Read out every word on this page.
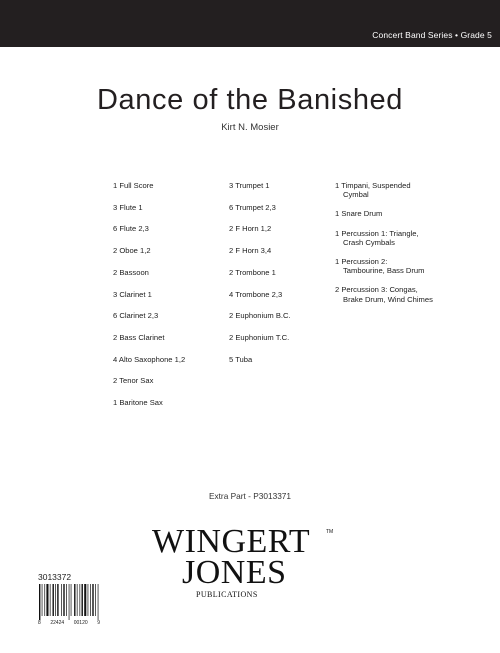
Concert Band Series • Grade 5
Dance of the Banished
Kirt N. Mosier
1 Full Score
3 Flute 1
6 Flute 2,3
2 Oboe 1,2
2 Bassoon
3 Clarinet 1
6 Clarinet 2,3
2 Bass Clarinet
4 Alto Saxophone 1,2
2 Tenor Sax
1 Baritone Sax
3 Trumpet 1
6 Trumpet 2,3
2 F Horn 1,2
2 F Horn 3,4
2 Trombone 1
4 Trombone 2,3
2 Euphonium B.C.
2 Euphonium T.C.
5 Tuba
1 Timpani, Suspended
Cymbal
1 Snare Drum
1 Percussion 1: Triangle,
Crash Cymbals
1 Percussion 2:
Tambourine, Bass Drum
2 Percussion 3: Congas,
Brake Drum, Wind Chimes
Extra Part - P3013371
WINGERT	TM
JONES
PUBLICATIONS
3013372
8 22424 00120 9
